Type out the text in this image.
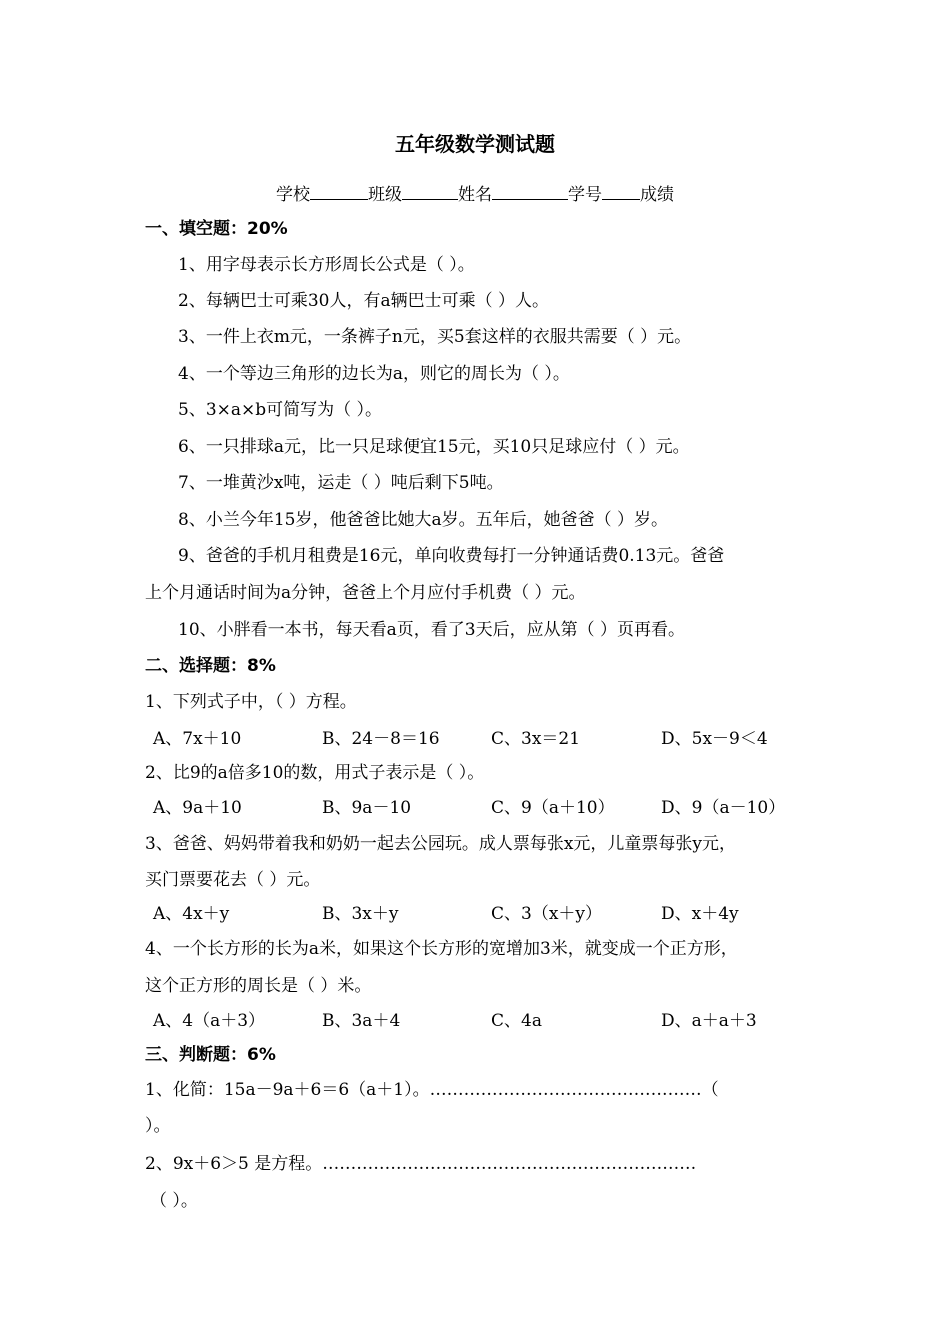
五年级数学测试题
学校	班级	姓名	学号 成绩
一、填空题：20%
1、用字母表示长方形周长公式是（ ）。
2、每辆巴士可乘30人，有a辆巴士可乘（ ）人。
3、一件上衣m元，一条裤子n元，买5套这样的衣服共需要（ ）元。
4、一个等边三角形的边长为a，则它的周长为（ ）。
5、3×a×b可简写为（ ）。
6、一只排球a元，比一只足球便宜15元，买10只足球应付（ ）元。
7、一堆黄沙x吨，运走（ ）吨后剩下5吨。
8、小兰今年15岁，他爸爸比她大a岁。五年后，她爸爸（ ）岁。
9、爸爸的手机月租费是16元，单向收费每打一分钟通话费0.13元。爸爸
上个月通话时间为a分钟，爸爸上个月应付手机费（ ）元。
10、小胖看一本书，每天看a页，看了3天后，应从第（ ）页再看。
二、选择题：8%
1、下列式子中，（ ）方程。
A、7x＋10	B、24－8＝16	C、3x＝21	D、5x－9＜4
2、比9的a倍多10的数，用式子表示是（ ）。
A、9a＋10	B、9a－10	C、9（a＋10）	D、9（a－10）
3、爸爸、妈妈带着我和奶奶一起去公园玩。成人票每张x元，儿童票每张y元，
买门票要花去（ ）元。
A、4x＋y	B、3x＋y	C、3（x＋y）	D、x＋4y
4、一个长方形的长为a米，如果这个长方形的宽增加3米，就变成一个正方形，
这个正方形的周长是（ ）米。
A、4（a＋3）	B、3a＋4	C、4a	D、a＋a＋3
三、判断题：6%
1、化简：15a－9a＋6＝6（a＋1）。…………………………………………（
）。
2、9x＋6＞5 是方程。…………………………………………………………
（ ）。
